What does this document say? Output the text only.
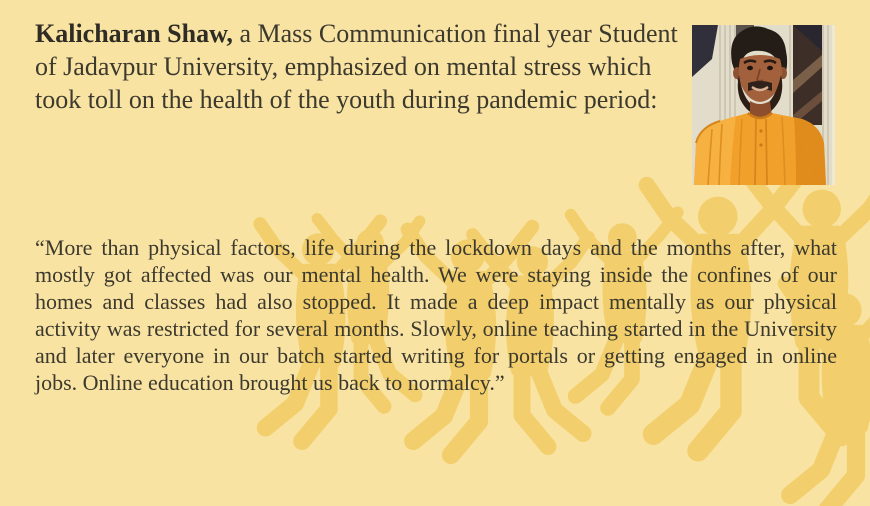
Kalicharan Shaw, a Mass Communication final year Student of Jadavpur University, emphasized on mental stress which took toll on the health of the youth during pandemic period:
“More than physical factors, life during the lockdown days and the months after, what mostly got affected was our mental health. We were staying inside the confines of our homes and classes had also stopped. It made a deep impact mentally as our physical activity was restricted for several months. Slowly, online teaching started in the University and later everyone in our batch started writing for portals or getting engaged in online jobs. Online education brought us back to normalcy.”
